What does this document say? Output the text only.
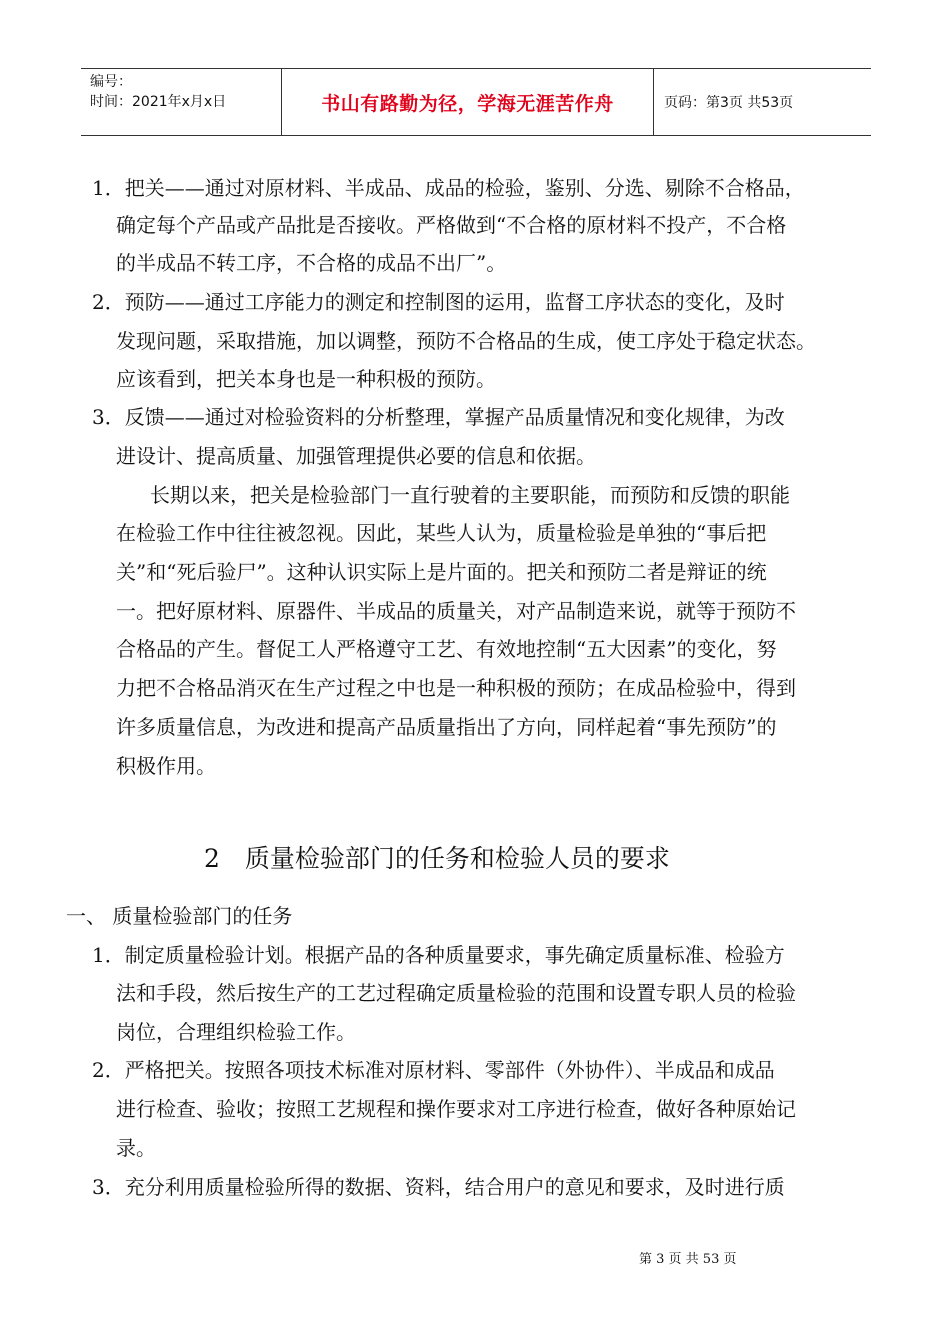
编号：
时间：2021年x月x日	书山有路勤为径，学海无涯苦作舟	页码：第3页 共53页
1．把关——通过对原材料、半成品、成品的检验，鉴别、分选、剔除不合格品，
确定每个产品或产品批是否接收。严格做到“不合格的原材料不投产，不合格
的半成品不转工序，不合格的成品不出厂”。
2．预防——通过工序能力的测定和控制图的运用，监督工序状态的变化，及时
发现问题，采取措施，加以调整，预防不合格品的生成，使工序处于稳定状态。
应该看到，把关本身也是一种积极的预防。
3．反馈——通过对检验资料的分析整理，掌握产品质量情况和变化规律，为改
进设计、提高质量、加强管理提供必要的信息和依据。
长期以来，把关是检验部门一直行驶着的主要职能，而预防和反馈的职能
在检验工作中往往被忽视。因此，某些人认为，质量检验是单独的“事后把
关”和“死后验尸”。这种认识实际上是片面的。把关和预防二者是辩证的统
一。把好原材料、原器件、半成品的质量关，对产品制造来说，就等于预防不
合格品的产生。督促工人严格遵守工艺、有效地控制“五大因素”的变化，努
力把不合格品消灭在生产过程之中也是一种积极的预防；在成品检验中，得到
许多质量信息，为改进和提高产品质量指出了方向，同样起着“事先预防”的
积极作用。
2　质量检验部门的任务和检验人员的要求
一、 质量检验部门的任务
1．制定质量检验计划。根据产品的各种质量要求，事先确定质量标准、检验方
法和手段，然后按生产的工艺过程确定质量检验的范围和设置专职人员的检验
岗位，合理组织检验工作。
2．严格把关。按照各项技术标准对原材料、零部件（外协件）、半成品和成品
进行检查、验收；按照工艺规程和操作要求对工序进行检查，做好各种原始记
录。
3．充分利用质量检验所得的数据、资料，结合用户的意见和要求，及时进行质
第 3 页 共 53 页
